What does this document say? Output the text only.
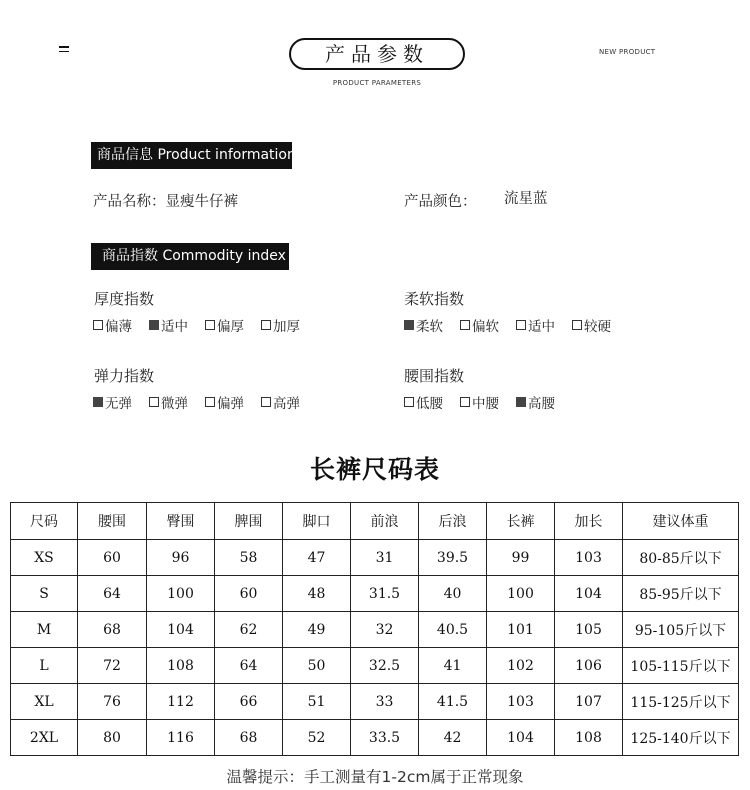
产品参数
PRODUCT PARAMETERS
NEW PRODUCT
商品信息 Product information
产品名称：显瘦牛仔裤	产品颜色： 流星蓝
商品指数 Commodity index
厚度指数
偏薄 适中 偏厚 加厚
柔软指数
柔软 偏软 适中 较硬
弹力指数
无弹 微弹 偏弹 高弹
腰围指数
低腰 中腰 高腰
长裤尺码表
尺码	腰围	臀围	脾围	脚口	前浪	后浪	长裤	加长	建议体重
XS	60	96	58	47	31	39.5	99	103	80-85斤以下
S	64	100	60	48	31.5	40	100	104	85-95斤以下
M	68	104	62	49	32	40.5	101	105	95-105斤以下
L	72	108	64	50	32.5	41	102	106	105-115斤以下
XL	76	112	66	51	33	41.5	103	107	115-125斤以下
2XL	80	116	68	52	33.5	42	104	108	125-140斤以下
温馨提示：手工测量有1-2cm属于正常现象
